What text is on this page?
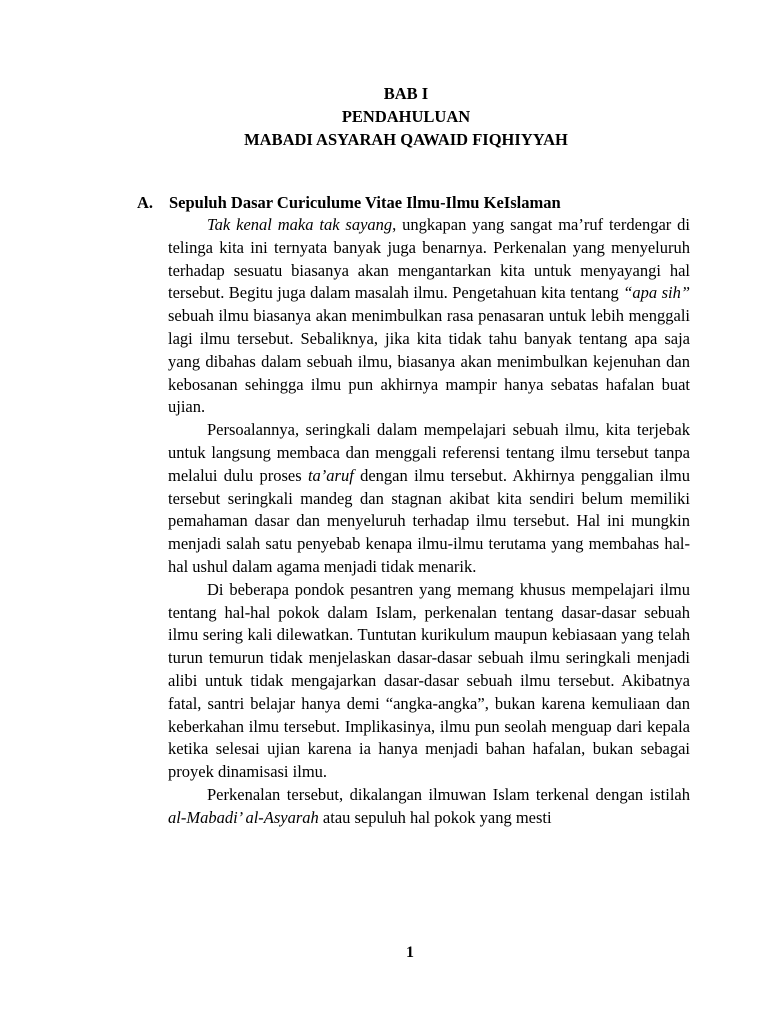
BAB I
PENDAHULUAN
MABADI ASYARAH QAWAID FIQHIYYAH
A. Sepuluh Dasar Curiculume Vitae Ilmu-Ilmu KeIslaman

Tak kenal maka tak sayang, ungkapan yang sangat ma’ruf terdengar di telinga kita ini ternyata banyak juga benarnya. Perkenalan yang menyeluruh terhadap sesuatu biasanya akan mengantarkan kita untuk menyayangi hal tersebut. Begitu juga dalam masalah ilmu. Pengetahuan kita tentang “apa sih” sebuah ilmu biasanya akan menimbulkan rasa penasaran untuk lebih menggali lagi ilmu tersebut. Sebaliknya, jika kita tidak tahu banyak tentang apa saja yang dibahas dalam sebuah ilmu, biasanya akan menimbulkan kejenuhan dan kebosanan sehingga ilmu pun akhirnya mampir hanya sebatas hafalan buat ujian.

Persoalannya, seringkali dalam mempelajari sebuah ilmu, kita terjebak untuk langsung membaca dan menggali referensi tentang ilmu tersebut tanpa melalui dulu proses ta’aruf dengan ilmu tersebut. Akhirnya penggalian ilmu tersebut seringkali mandeg dan stagnan akibat kita sendiri belum memiliki pemahaman dasar dan menyeluruh terhadap ilmu tersebut. Hal ini mungkin menjadi salah satu penyebab kenapa ilmu-ilmu terutama yang membahas hal-hal ushul dalam agama menjadi tidak menarik.

Di beberapa pondok pesantren yang memang khusus mempelajari ilmu tentang hal-hal pokok dalam Islam, perkenalan tentang dasar-dasar sebuah ilmu sering kali dilewatkan. Tuntutan kurikulum maupun kebiasaan yang telah turun temurun tidak menjelaskan dasar-dasar sebuah ilmu seringkali menjadi alibi untuk tidak mengajarkan dasar-dasar sebuah ilmu tersebut. Akibatnya fatal, santri belajar hanya demi “angka-angka”, bukan karena kemuliaan dan keberkahan ilmu tersebut. Implikasinya, ilmu pun seolah menguap dari kepala ketika selesai ujian karena ia hanya menjadi bahan hafalan, bukan sebagai proyek dinamisasi ilmu.

Perkenalan tersebut, dikalangan ilmuwan Islam terkenal dengan istilah al-Mabadi’ al-Asyarah atau sepuluh hal pokok yang mesti

1
